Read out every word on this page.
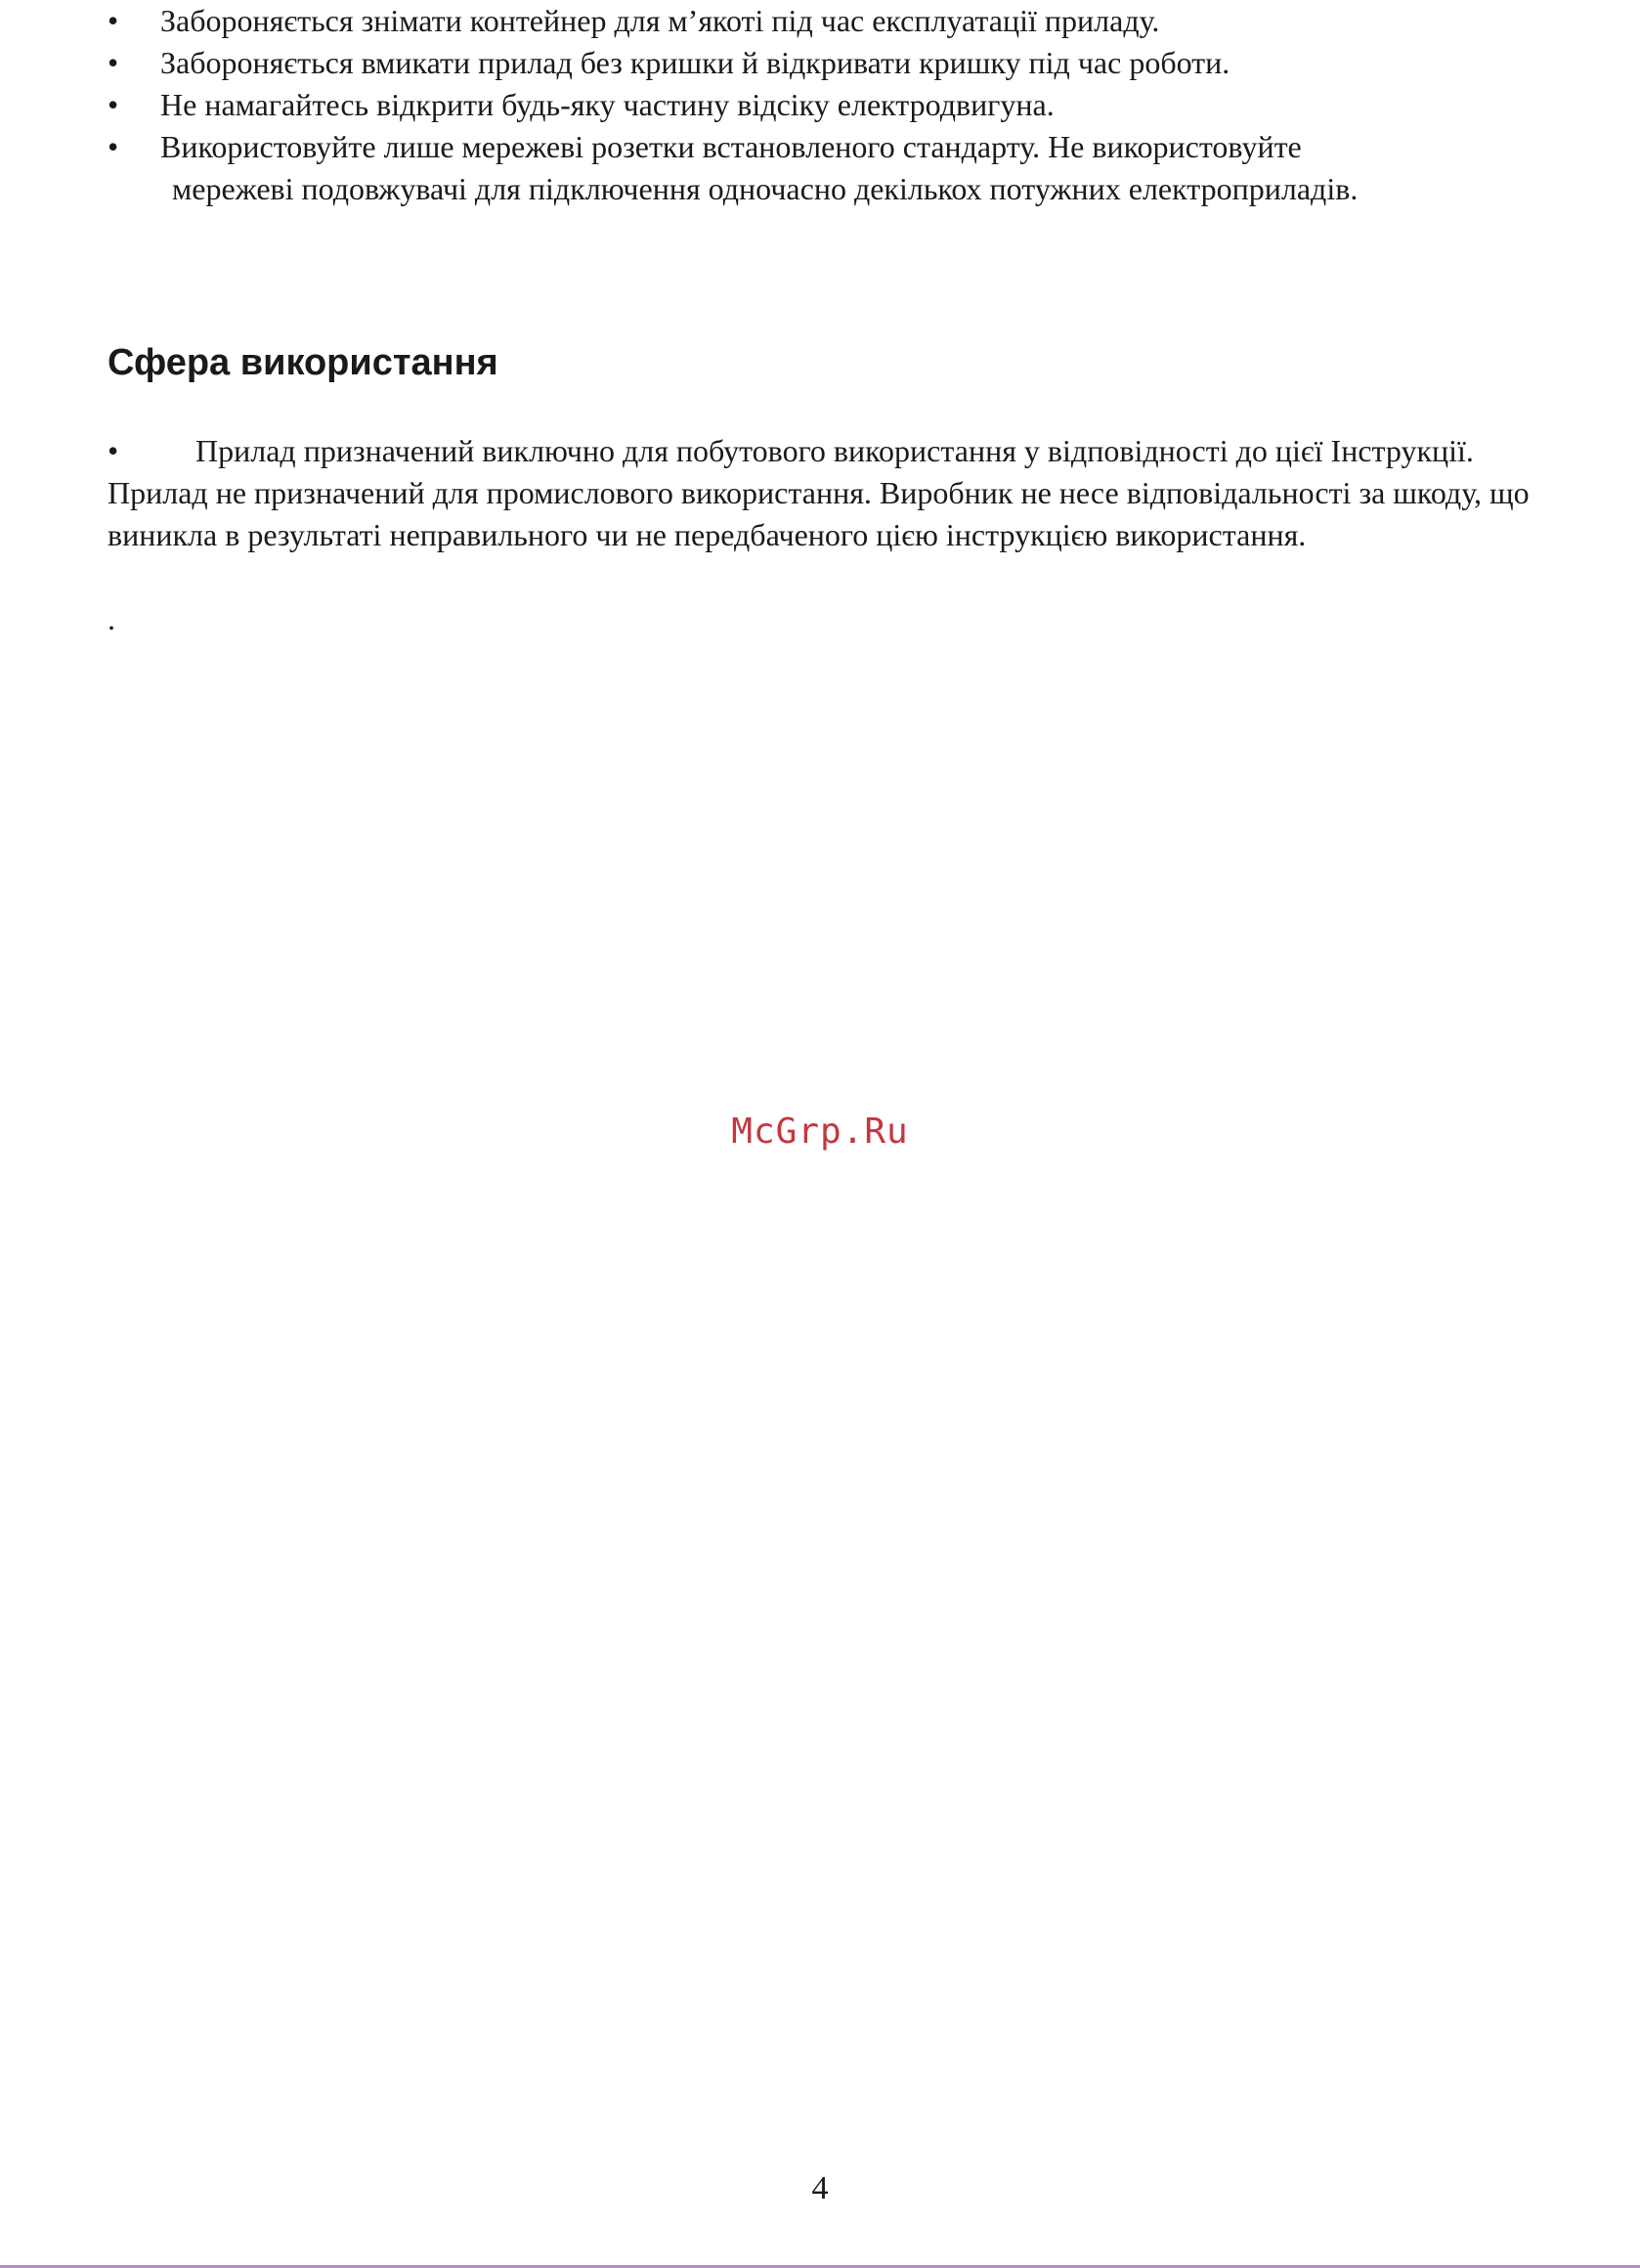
• Забороняється знімати контейнер для м’якоті під час експлуатації приладу.
• Забороняється вмикати прилад без кришки й відкривати кришку під час роботи.
• Не намагайтесь відкрити будь-яку частину відсіку електродвигуна.
• Використовуйте лише мережеві розетки встановленого стандарту. Не використовуйте
мережеві подовжувачі для підключення одночасно декількох потужних електроприладів.
Сфера використання

• Прилад призначений виключно для побутового використання у відповідності до цієї Інструкції. Прилад не призначений для промислового використання. Виробник не несе відповідальності за шкоду, що виникла в результаті неправильного чи не передбаченого цією інструкцією використання.

.
McGrp.Ru
4
